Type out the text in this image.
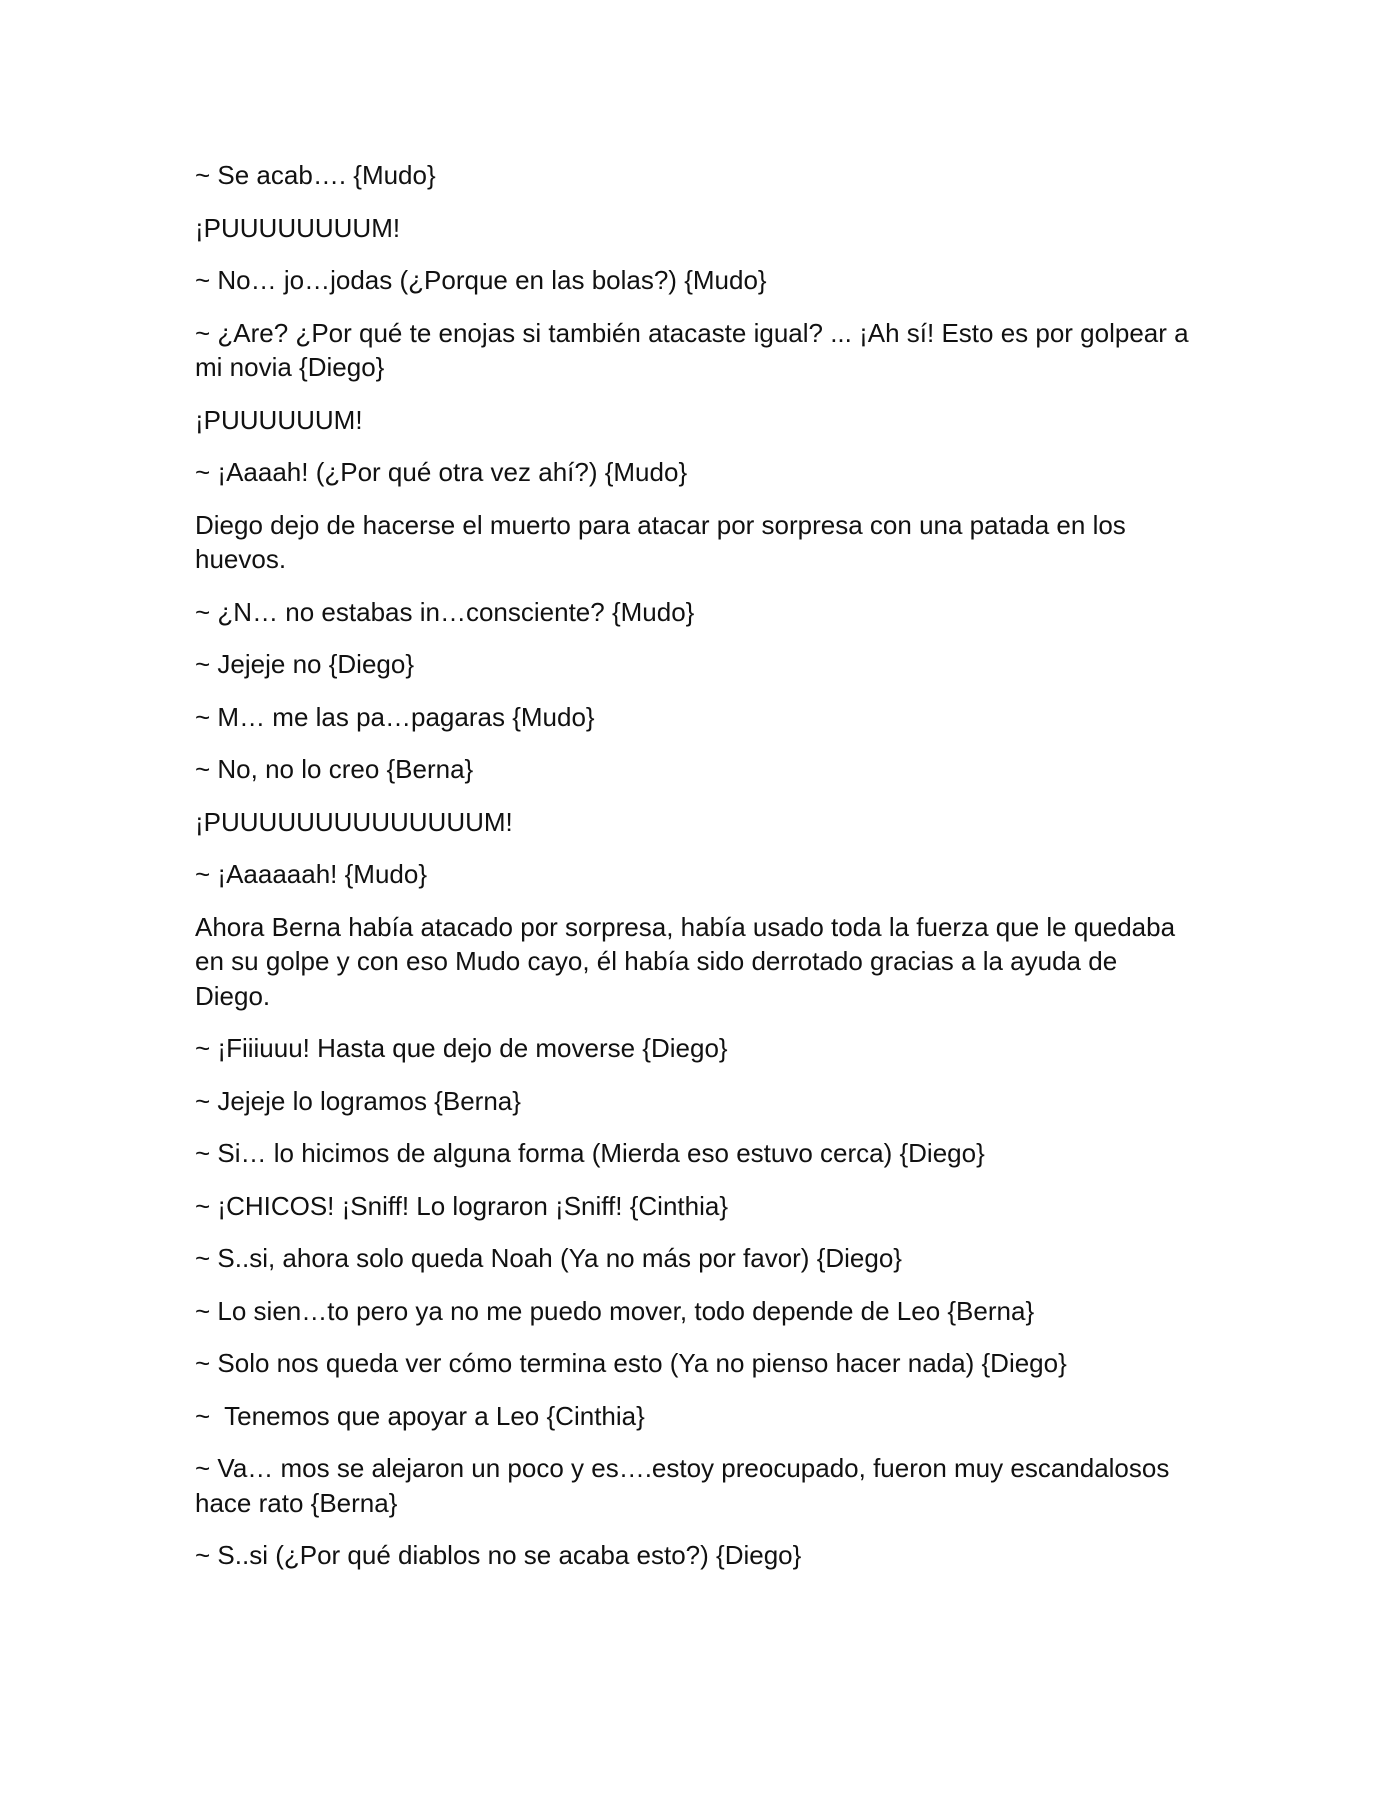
~ Se acab…. {Mudo}

¡PUUUUUUUUM!

~ No… jo…jodas (¿Porque en las bolas?) {Mudo}

~ ¿Are? ¿Por qué te enojas si también atacaste igual? ... ¡Ah sí! Esto es por golpear a mi novia {Diego}

¡PUUUUUUM!

~ ¡Aaaah! (¿Por qué otra vez ahí?) {Mudo}

Diego dejo de hacerse el muerto para atacar por sorpresa con una patada en los huevos.

~ ¿N… no estabas in…consciente? {Mudo}

~ Jejeje no {Diego}

~ M… me las pa…pagaras {Mudo}

~ No, no lo creo {Berna}

¡PUUUUUUUUUUUUUUM!

~ ¡Aaaaaah! {Mudo}

Ahora Berna había atacado por sorpresa, había usado toda la fuerza que le quedaba en su golpe y con eso Mudo cayo, él había sido derrotado gracias a la ayuda de Diego.

~ ¡Fiiiuuu! Hasta que dejo de moverse {Diego}

~ Jejeje lo logramos {Berna}

~ Si… lo hicimos de alguna forma (Mierda eso estuvo cerca) {Diego}

~ ¡CHICOS! ¡Sniff! Lo lograron ¡Sniff! {Cinthia}

~ S..si, ahora solo queda Noah (Ya no más por favor) {Diego}

~ Lo sien…to pero ya no me puedo mover, todo depende de Leo {Berna}

~ Solo nos queda ver cómo termina esto (Ya no pienso hacer nada) {Diego}

~  Tenemos que apoyar a Leo {Cinthia}

~ Va… mos se alejaron un poco y es….estoy preocupado, fueron muy escandalosos hace rato {Berna}

~ S..si (¿Por qué diablos no se acaba esto?) {Diego}
